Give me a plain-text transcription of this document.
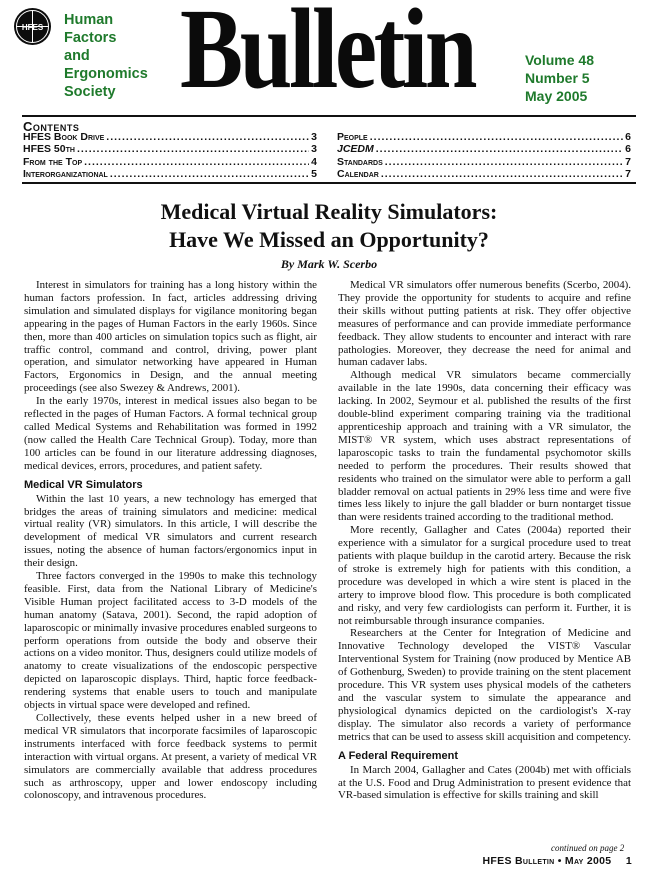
HFES Human
Factors
and
Ergonomics
Society Bulletin	Volume 48
Number 5
May 2005
Contents
HFES Book Drive .....	3
HFES 50th .....	3
From the Top .....	4
Interorganizational .....	5
People .....	6
JCEDM .....	6
Standards .....	7
Calendar .....	7
Medical Virtual Reality Simulators:
Have We Missed an Opportunity?
By Mark W. Scerbo

Interest in simulators for training has a long history within the human factors profession. In fact, articles addressing driving simulation and simulated displays for vigilance monitoring began appearing in the pages of Human Factors in the early 1960s. Since then, more than 400 articles on simulation topics such as flight, air traffic control, command and control, driving, power plant operation, and simulator networking have appeared in Human Factors, Ergonomics in Design, and the annual meeting proceedings (see also Swezey & Andrews, 2001).

In the early 1970s, interest in medical issues also began to be reflected in the pages of Human Factors. A formal technical group called Medical Systems and Rehabilitation was formed in 1992 (now called the Health Care Technical Group). Today, more than 100 articles can be found in our literature addressing diagnoses, medical devices, errors, procedures, and patient safety.

Medical VR Simulators

Within the last 10 years, a new technology has emerged that bridges the areas of training simulators and medicine: medical virtual reality (VR) simulators. In this article, I will describe the development of medical VR simulators and current research issues, noting the absence of human factors/ergonomics input in their design.

Three factors converged in the 1990s to make this technology feasible. First, data from the National Library of Medicine's Visible Human project facilitated access to 3-D models of the human anatomy (Satava, 2001). Second, the rapid adoption of laparoscopic or minimally invasive procedures enabled surgeons to perform operations from outside the body and observe their actions on a video monitor. Thus, designers could utilize models of anatomy to create visualizations of the endoscopic perspective depicted on laparoscopic displays. Third, haptic force feedback-rendering systems that enable users to touch and manipulate objects in virtual space were developed and refined.

Collectively, these events helped usher in a new breed of medical VR simulators that incorporate facsimiles of laparoscopic instruments interfaced with force feedback systems to permit interaction with virtual organs. At present, a variety of medical VR simulators are commercially available that address procedures such as arthroscopy, upper and lower endoscopy including colonoscopy, and intravenous procedures.

Medical VR simulators offer numerous benefits (Scerbo, 2004). They provide the opportunity for students to acquire and refine their skills without putting patients at risk. They offer objective measures of performance and can provide immediate performance feedback. They allow students to encounter and interact with rare pathologies. Moreover, they decrease the need for animal and human cadaver labs.

Although medical VR simulators became commercially available in the late 1990s, data concerning their efficacy was lacking. In 2002, Seymour et al. published the results of the first double-blind experiment comparing training via the traditional apprenticeship approach and training with a VR simulator, the MIST® VR system, which uses abstract representations of laparoscopic tasks to train the fundamental psychomotor skills needed to perform the procedures. Their results showed that residents who trained on the simulator were able to perform a gall bladder removal on actual patients in 29% less time and were five times less likely to injure the gall bladder or burn nontarget tissue than were residents trained according to the traditional method.

More recently, Gallagher and Cates (2004a) reported their experience with a simulator for a surgical procedure used to treat patients with plaque buildup in the carotid artery. Because the risk of stroke is extremely high for patients with this condition, a procedure was developed in which a wire stent is placed in the artery to improve blood flow. This procedure is both complicated and risky, and very few cardiologists can perform it. Further, it is not reimbursable through insurance companies.

Researchers at the Center for Integration of Medicine and Innovative Technology developed the VIST® Vascular Interventional System for Training (now produced by Mentice AB of Gothenburg, Sweden) to provide training on the stent placement procedure. This VR system uses physical models of the catheters and the vascular system to simulate the appearance and physiological dynamics depicted on the cardiologist's X-ray display. The simulator also records a variety of performance metrics that can be used to assess skill acquisition and competency.

A Federal Requirement

In March 2004, Gallagher and Cates (2004b) met with officials at the U.S. Food and Drug Administration to present evidence that VR-based simulation is effective for skills training and skill

continued on page 2
HFES Bulletin • May 2005 1
